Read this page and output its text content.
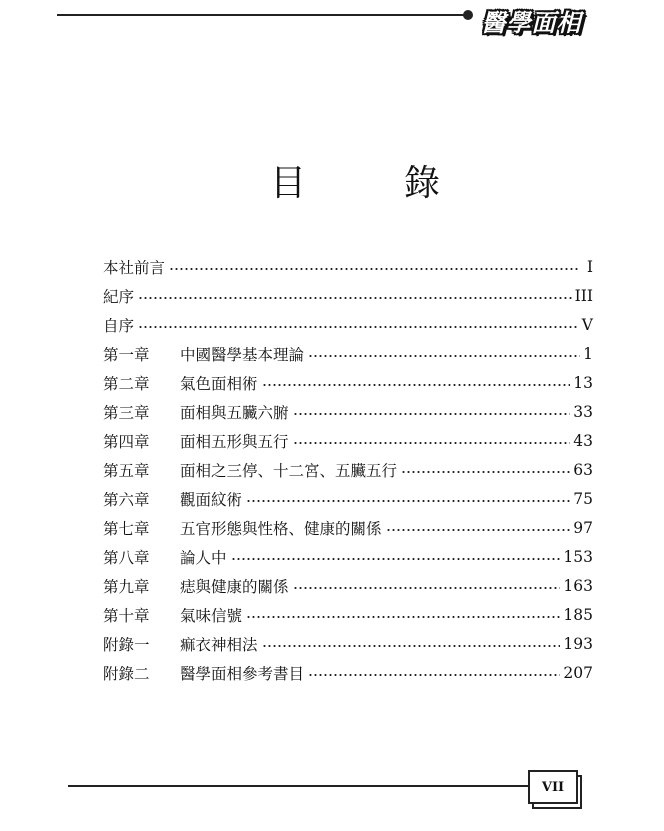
醫學面相
目	錄
本社前言	I
紀序	III
自序	V
第一章	中國醫學基本理論	1
第二章	氣色面相術	13
第三章	面相與五臟六腑	33
第四章	面相五形與五行	43
第五章	面相之三停、十二宮、五臟五行	63
第六章	觀面紋術	75
第七章	五官形態與性格、健康的關係	97
第八章	論人中	153
第九章	痣與健康的關係	163
第十章	氣味信號	185
附錄一	痲衣神相法	193
附錄二	醫學面相參考書目	207
VII
